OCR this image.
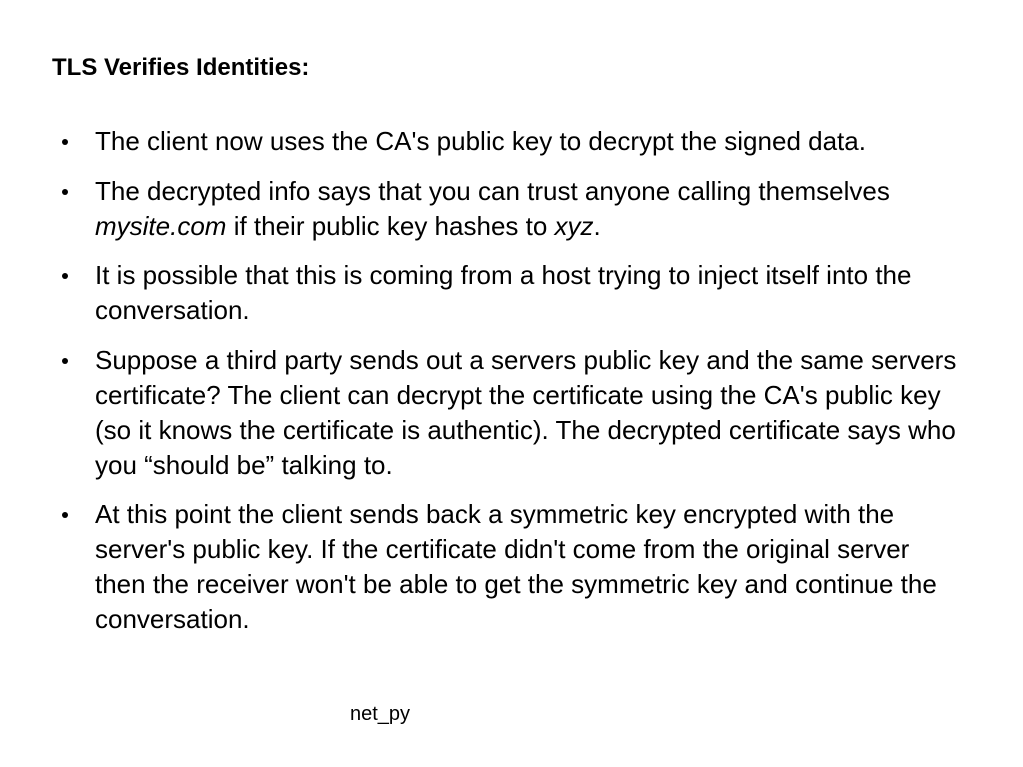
TLS Verifies Identities:
The client now uses the CA's public key to decrypt the signed data.
The decrypted info says that you can trust anyone calling themselves mysite.com if their public key hashes to xyz.
It is possible that this is coming from a host trying to inject itself into the conversation.
Suppose a third party sends out a servers public key and the same servers certificate? The client can decrypt the certificate using the CA's public key (so it knows the certificate is authentic). The decrypted certificate says who you “should be” talking to.
At this point the client sends back a symmetric key encrypted with the server's public key. If the certificate didn't come from the original server then the receiver won't be able to get the symmetric key and continue the conversation.
net_py
